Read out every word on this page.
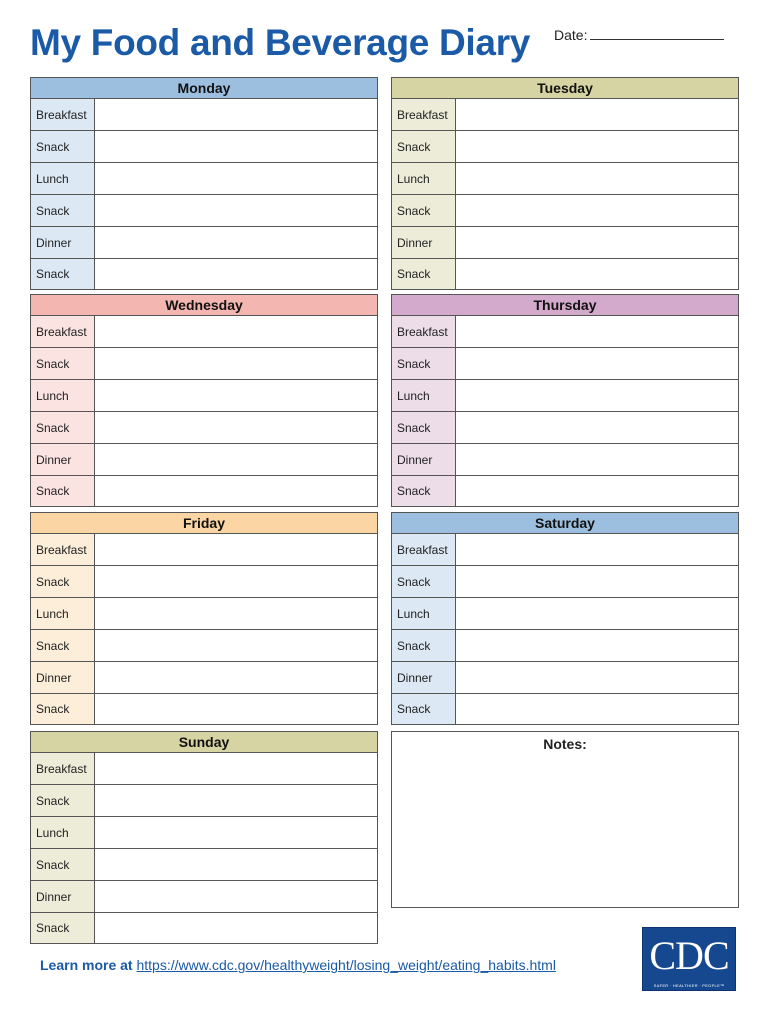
My Food and Beverage Diary Date:
Monday
Breakfast
Snack
Lunch
Snack
Dinner
Snack
Tuesday
Breakfast
Snack
Lunch
Snack
Dinner
Snack
Wednesday
Breakfast
Snack
Lunch
Snack
Dinner
Snack
Thursday
Breakfast
Snack
Lunch
Snack
Dinner
Snack
Friday
Breakfast
Snack
Lunch
Snack
Dinner
Snack
Saturday
Breakfast
Snack
Lunch
Snack
Dinner
Snack
Sunday
Breakfast
Snack
Lunch
Snack
Dinner
Snack
Notes:
Learn more at https://www.cdc.gov/healthyweight/losing_weight/eating_habits.html CDC
SAFER · HEALTHIER · PEOPLE™
